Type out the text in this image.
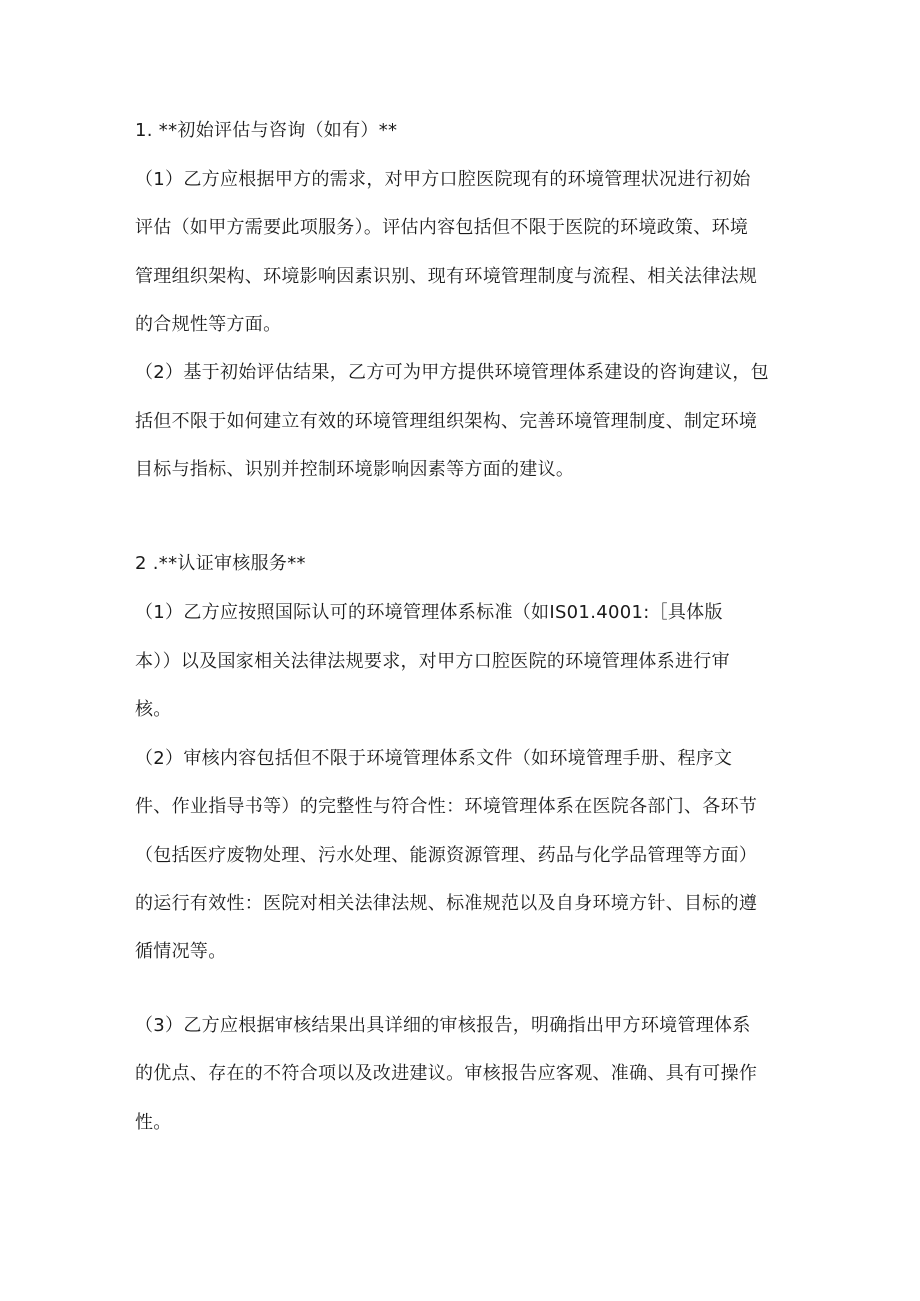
1. **初始评估与咨询（如有）**

（1）乙方应根据甲方的需求，对甲方口腔医院现有的环境管理状况进行初始

评估（如甲方需要此项服务）。评估内容包括但不限于医院的环境政策、环境

管理组织架构、环境影响因素识别、现有环境管理制度与流程、相关法律法规

的合规性等方面。

（2）基于初始评估结果，乙方可为甲方提供环境管理体系建设的咨询建议，包

括但不限于如何建立有效的环境管理组织架构、完善环境管理制度、制定环境

目标与指标、识别并控制环境影响因素等方面的建议。

2 .**认证审核服务**

（1）乙方应按照国际认可的环境管理体系标准（如IS01.4001:［具体版

本））以及国家相关法律法规要求，对甲方口腔医院的环境管理体系进行审

核。

（2）审核内容包括但不限于环境管理体系文件（如环境管理手册、程序文

件、作业指导书等）的完整性与符合性：环境管理体系在医院各部门、各环节

（包括医疗废物处理、污水处理、能源资源管理、药品与化学品管理等方面）

的运行有效性：医院对相关法律法规、标准规范以及自身环境方针、目标的遵

循情况等。

（3）乙方应根据审核结果出具详细的审核报告，明确指出甲方环境管理体系

的优点、存在的不符合项以及改进建议。审核报告应客观、准确、具有可操作

性。
